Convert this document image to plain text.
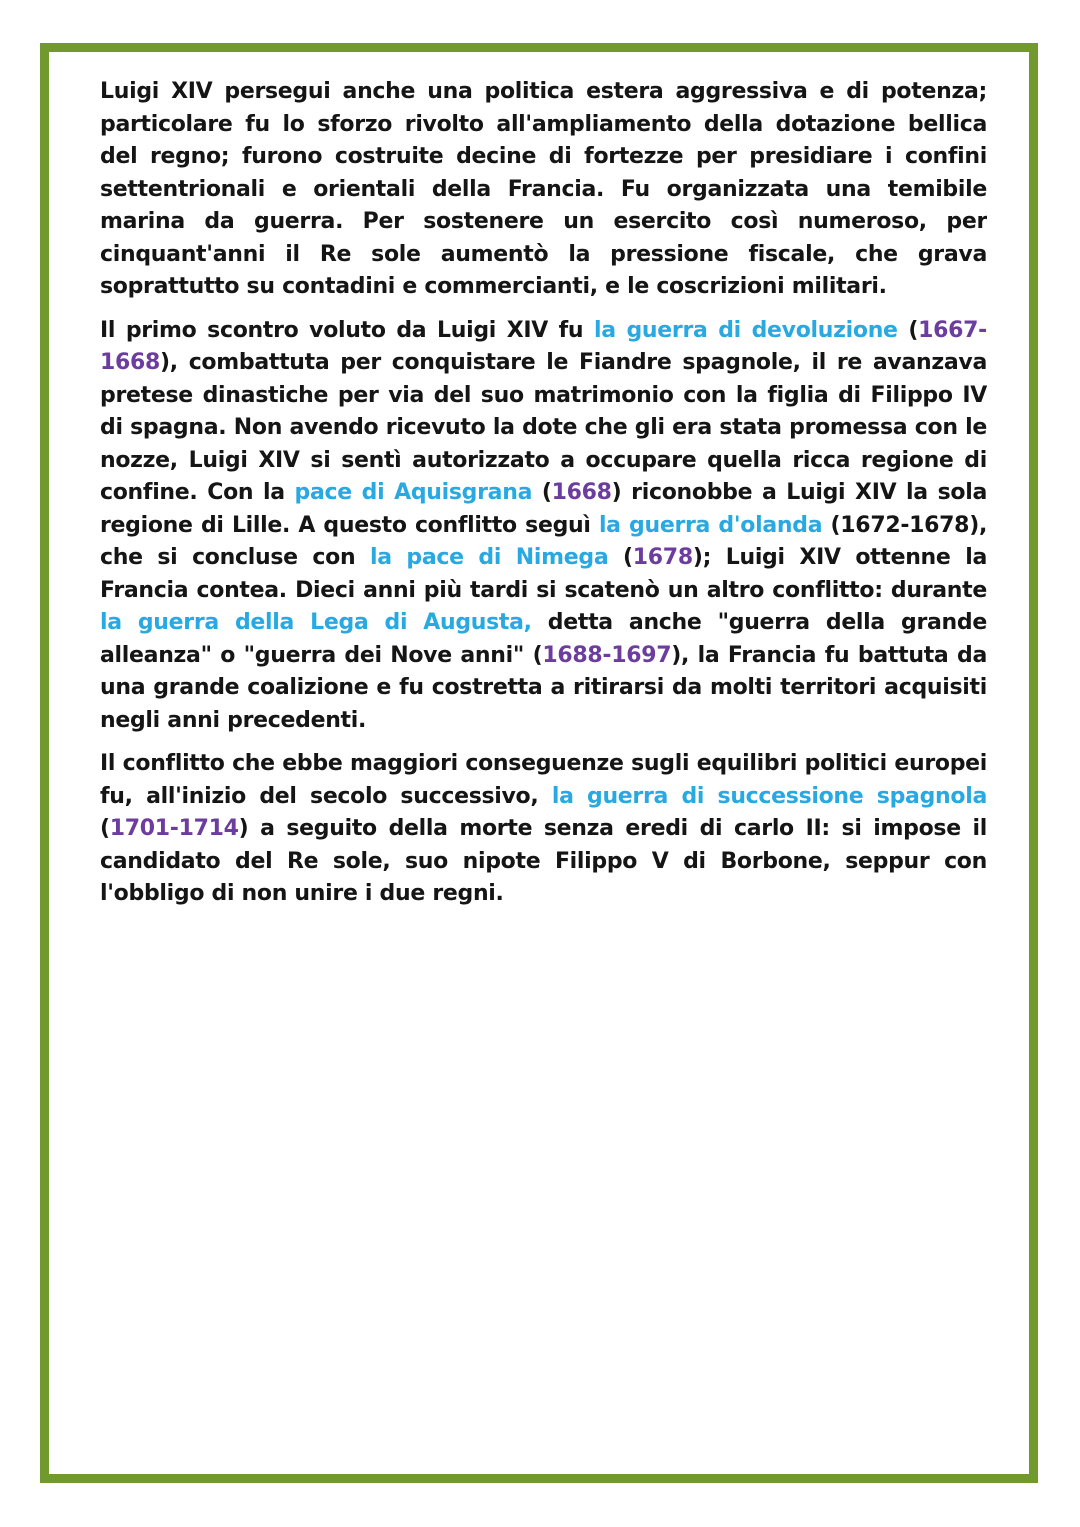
Luigi XIV persegui anche una politica estera aggressiva e di potenza; particolare fu lo sforzo rivolto all'ampliamento della dotazione bellica del regno; furono costruite decine di fortezze per presidiare i confini settentrionali e orientali della Francia. Fu organizzata una temibile marina da guerra. Per sostenere un esercito così numeroso, per cinquant'anni il Re sole aumentò la pressione fiscale, che grava soprattutto su contadini e commercianti, e le coscrizioni militari.

Il primo scontro voluto da Luigi XIV fu la guerra di devoluzione (1667-1668), combattuta per conquistare le Fiandre spagnole, il re avanzava pretese dinastiche per via del suo matrimonio con la figlia di Filippo IV di spagna. Non avendo ricevuto la dote che gli era stata promessa con le nozze, Luigi XIV si sentì autorizzato a occupare quella ricca regione di confine. Con la pace di Aquisgrana (1668) riconobbe a Luigi XIV la sola regione di Lille. A questo conflitto seguì la guerra d'olanda (1672-1678), che si concluse con la pace di Nimega (1678); Luigi XIV ottenne la Francia contea. Dieci anni più tardi si scatenò un altro conflitto: durante la guerra della Lega di Augusta, detta anche "guerra della grande alleanza" o "guerra dei Nove anni" (1688-1697), la Francia fu battuta da una grande coalizione e fu costretta a ritirarsi da molti territori acquisiti negli anni precedenti.

Il conflitto che ebbe maggiori conseguenze sugli equilibri politici europei fu, all'inizio del secolo successivo, la guerra di successione spagnola (1701-1714) a seguito della morte senza eredi di carlo II: si impose il candidato del Re sole, suo nipote Filippo V di Borbone, seppur con l'obbligo di non unire i due regni.
